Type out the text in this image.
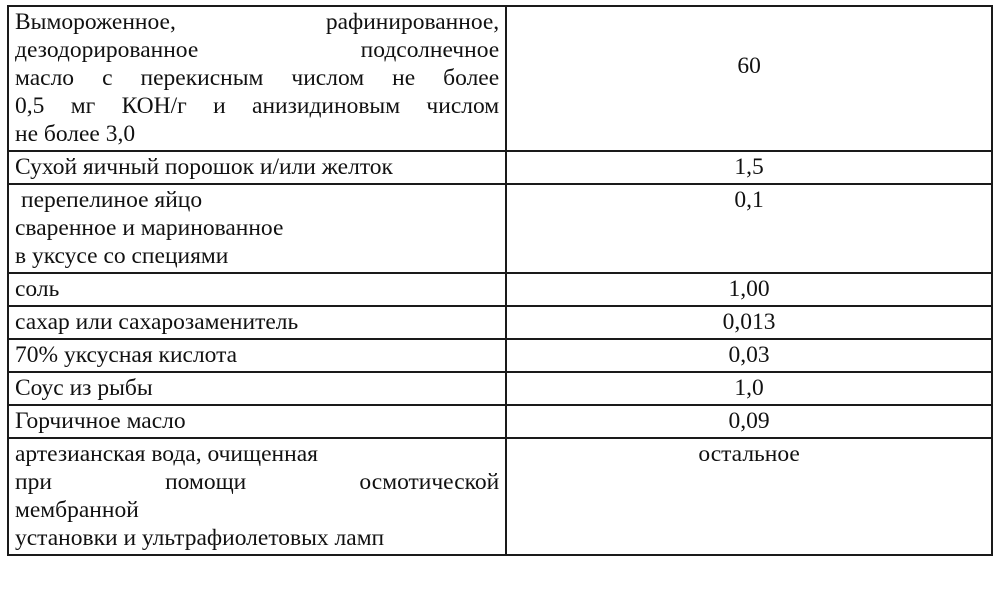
Вымороженное, рафинированное,
дезодорированное подсолнечное
масло с перекисным числом не более
0,5 мг КОН/г и анизидиновым числом
не более 3,0	60

Сухой яичный порошок и/или желток	1,5

перепелиное яйцо
сваренное и маринованное
в уксусе со специями	0,1

соль	1,00

сахар или сахарозаменитель	0,013

70% уксусная кислота	0,03

Соус из рыбы	1,0

Горчичное масло	0,09

артезианская вода, очищенная
при помощи осмотической
мембранной
установки и ультрафиолетовых ламп	остальное
